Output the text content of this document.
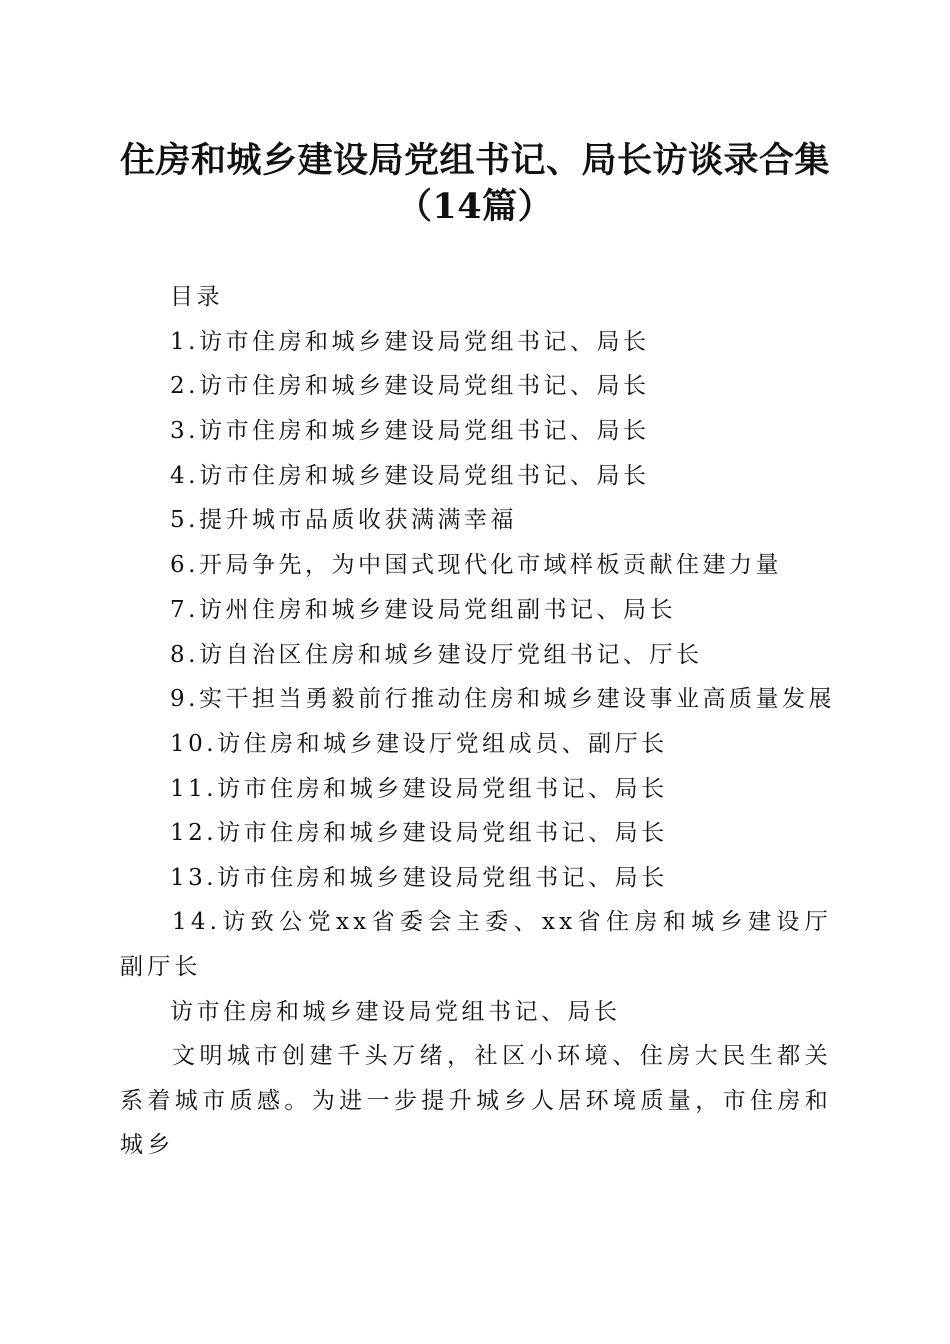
住房和城乡建设局党组书记、局长访谈录合集
（14篇）
目录
1.访市住房和城乡建设局党组书记、局长
2.访市住房和城乡建设局党组书记、局长
3.访市住房和城乡建设局党组书记、局长
4.访市住房和城乡建设局党组书记、局长
5.提升城市品质收获满满幸福
6.开局争先，为中国式现代化市域样板贡献住建力量
7.访州住房和城乡建设局党组副书记、局长
8.访自治区住房和城乡建设厅党组书记、厅长
9.实干担当勇毅前行推动住房和城乡建设事业高质量发展
10.访住房和城乡建设厅党组成员、副厅长
11.访市住房和城乡建设局党组书记、局长
12.访市住房和城乡建设局党组书记、局长
13.访市住房和城乡建设局党组书记、局长
14.访致公党xx省委会主委、xx省住房和城乡建设厅副厅长
访市住房和城乡建设局党组书记、局长
文明城市创建千头万绪，社区小环境、住房大民生都关系着城市质感。为进一步提升城乡人居环境质量，市住房和城乡
